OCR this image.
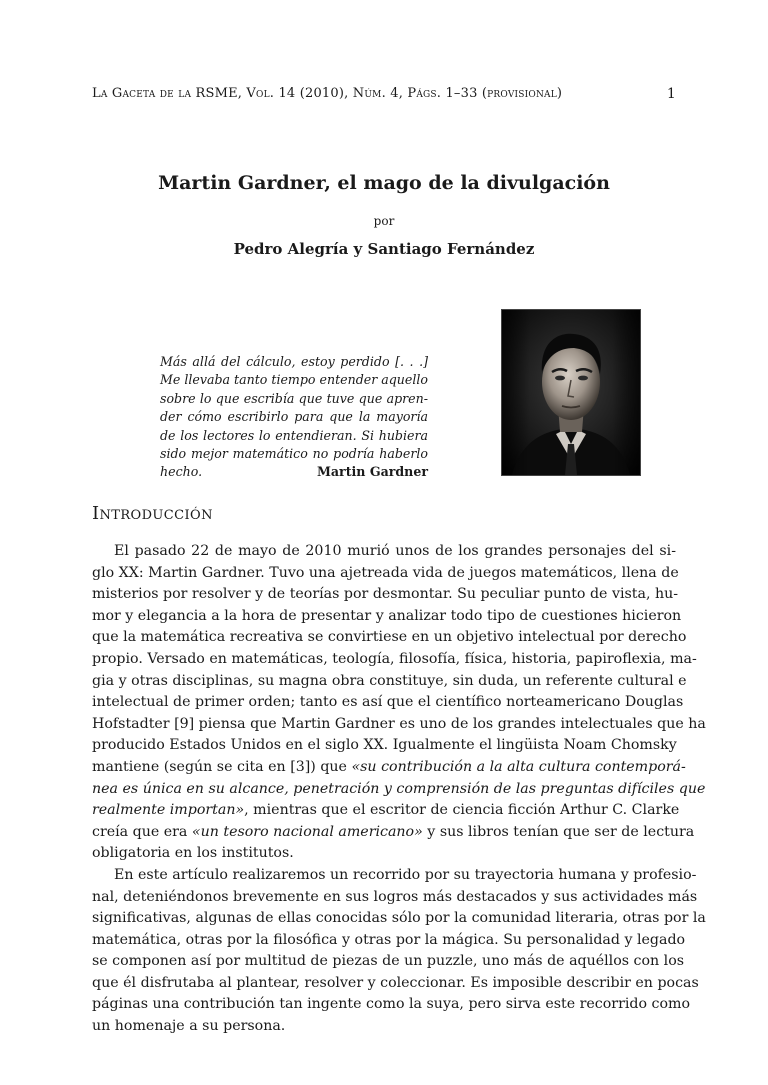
La Gaceta de la RSME, Vol. 14 (2010), Núm. 4, Págs. 1–33 (provisional)	1
Martin Gardner, el mago de la divulgación
por
Pedro Alegría y Santiago Fernández
Más allá del cálculo, estoy perdido [. . .]
Me llevaba tanto tiempo entender aquello
sobre lo que escribía que tuve que apren-
der cómo escribirlo para que la mayoría
de los lectores lo entendieran. Si hubiera
sido mejor matemático no podría haberlo
hecho.	Martin Gardner
Introducción
El pasado 22 de mayo de 2010 murió unos de los grandes personajes del si-
glo XX: Martin Gardner. Tuvo una ajetreada vida de juegos matemáticos, llena de
misterios por resolver y de teorías por desmontar. Su peculiar punto de vista, hu-
mor y elegancia a la hora de presentar y analizar todo tipo de cuestiones hicieron
que la matemática recreativa se convirtiese en un objetivo intelectual por derecho
propio. Versado en matemáticas, teología, filosofía, física, historia, papiroflexia, ma-
gia y otras disciplinas, su magna obra constituye, sin duda, un referente cultural e
intelectual de primer orden; tanto es así que el científico norteamericano Douglas
Hofstadter [9] piensa que Martin Gardner es uno de los grandes intelectuales que ha
producido Estados Unidos en el siglo XX. Igualmente el lingüista Noam Chomsky
mantiene (según se cita en [3]) que «su contribución a la alta cultura contemporá-
nea es única en su alcance, penetración y comprensión de las preguntas difíciles que
realmente importan», mientras que el escritor de ciencia ficción Arthur C. Clarke
creía que era «un tesoro nacional americano» y sus libros tenían que ser de lectura
obligatoria en los institutos.
En este artículo realizaremos un recorrido por su trayectoria humana y profesio-
nal, deteniéndonos brevemente en sus logros más destacados y sus actividades más
significativas, algunas de ellas conocidas sólo por la comunidad literaria, otras por la
matemática, otras por la filosófica y otras por la mágica. Su personalidad y legado
se componen así por multitud de piezas de un puzzle, uno más de aquéllos con los
que él disfrutaba al plantear, resolver y coleccionar. Es imposible describir en pocas
páginas una contribución tan ingente como la suya, pero sirva este recorrido como
un homenaje a su persona.
